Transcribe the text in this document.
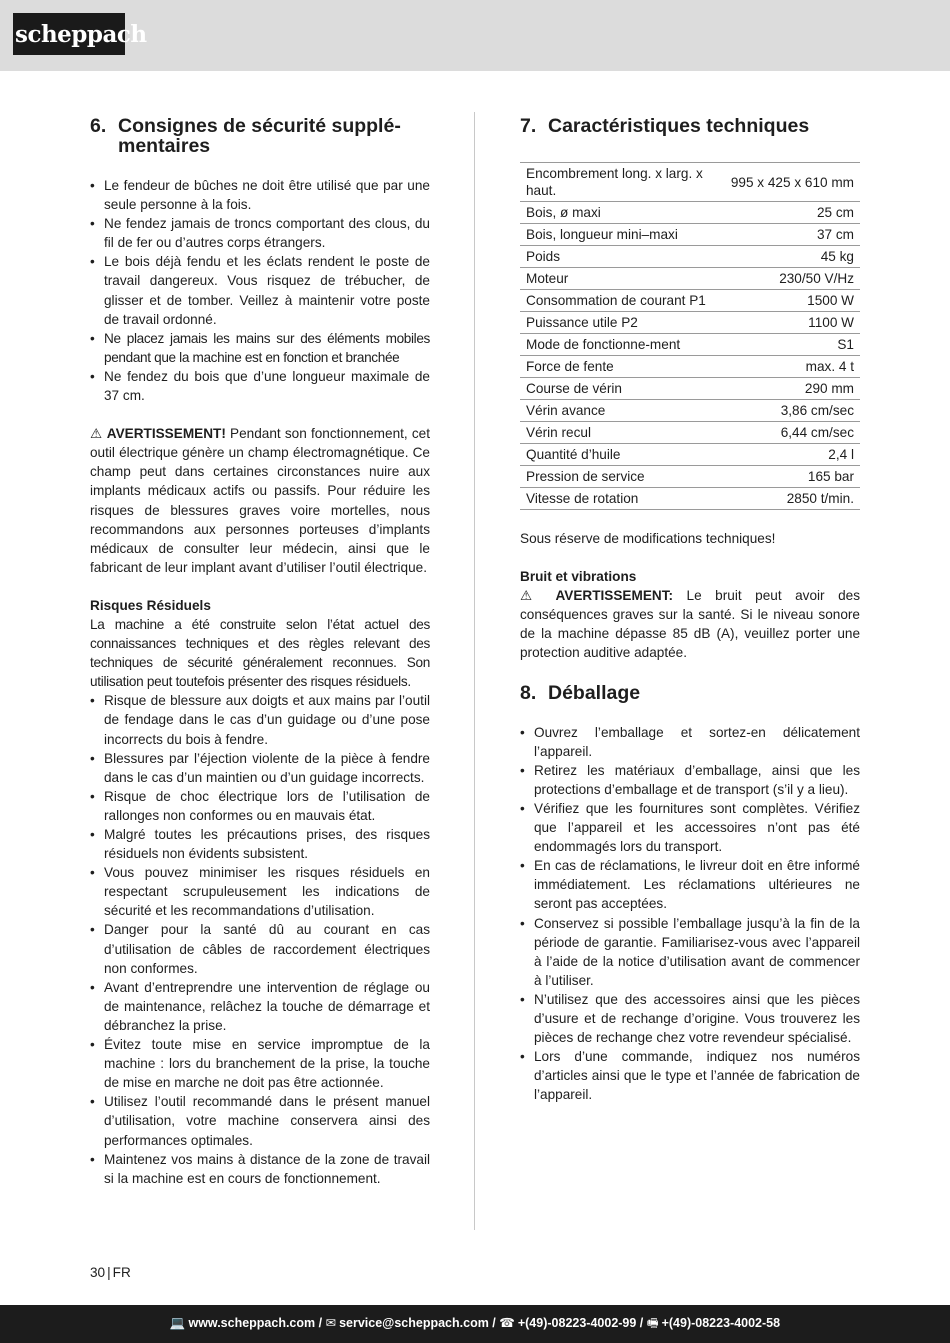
scheppach
6. Consignes de sécurité supplé-
mentaires
• Le fendeur de bûches ne doit être utilisé que par une seule personne à la fois.
• Ne fendez jamais de troncs comportant des clous, du fil de fer ou d’autres corps étrangers.
• Le bois déjà fendu et les éclats rendent le poste de travail dangereux. Vous risquez de trébucher, de glisser et de tomber. Veillez à maintenir votre poste de travail ordonné.
• Ne placez jamais les mains sur des éléments mobiles pendant que la machine est en fonction et branchée
• Ne fendez du bois que d’une longueur maximale de 37 cm.

⚠ AVERTISSEMENT! Pendant son fonctionnement, cet outil électrique génère un champ électromagnétique. Ce champ peut dans certaines circonstances nuire aux implants médicaux actifs ou passifs. Pour réduire les risques de blessures graves voire mortelles, nous recommandons aux personnes porteuses d’implants médicaux de consulter leur médecin, ainsi que le fabricant de leur implant avant d’utiliser l’outil électrique.

Risques Résiduels

La machine a été construite selon l’état actuel des connaissances techniques et des règles relevant des techniques de sécurité généralement reconnues. Son utilisation peut toutefois présenter des risques résiduels.

• Risque de blessure aux doigts et aux mains par l’outil de fendage dans le cas d’un guidage ou d’une pose incorrects du bois à fendre.
• Blessures par l’éjection violente de la pièce à fendre dans le cas d’un maintien ou d’un guidage incorrects.
• Risque de choc électrique lors de l’utilisation de rallonges non conformes ou en mauvais état.
• Malgré toutes les précautions prises, des risques résiduels non évidents subsistent.
• Vous pouvez minimiser les risques résiduels en respectant scrupuleusement les indications de sécurité et les recommandations d’utilisation.
• Danger pour la santé dû au courant en cas d’utilisation de câbles de raccordement électriques non conformes.
• Avant d’entreprendre une intervention de réglage ou de maintenance, relâchez la touche de démarrage et débranchez la prise.
• Évitez toute mise en service impromptue de la machine : lors du branchement de la prise, la touche de mise en marche ne doit pas être actionnée.
• Utilisez l’outil recommandé dans le présent manuel d’utilisation, votre machine conservera ainsi des performances optimales.
• Maintenez vos mains à distance de la zone de travail si la machine est en cours de fonctionnement.
7. Caractéristiques techniques
Encombrement long. x larg. x haut.	995 x 425 x 610 mm
Bois, ø maxi	25 cm
Bois, longueur mini–maxi	37 cm
Poids	45 kg
Moteur	230/50 V/Hz
Consommation de courant P1	1500 W
Puissance utile P2	1100 W
Mode de fonctionne-ment	S1
Force de fente	max. 4 t
Course de vérin	290 mm
Vérin avance	3,86 cm/sec
Vérin recul	6,44 cm/sec
Quantité d’huile	2,4 l
Pression de service	165 bar
Vitesse de rotation	2850 t/min.

Sous réserve de modifications techniques!

Bruit et vibrations

⚠ AVERTISSEMENT: Le bruit peut avoir des conséquences graves sur la santé. Si le niveau sonore de la machine dépasse 85 dB (A), veuillez porter une protection auditive adaptée.

8. Déballage
• Ouvrez l’emballage et sortez-en délicatement l’appareil.
• Retirez les matériaux d’emballage, ainsi que les protections d’emballage et de transport (s’il y a lieu).
• Vérifiez que les fournitures sont complètes. Vérifiez que l’appareil et les accessoires n’ont pas été endommagés lors du transport.
• En cas de réclamations, le livreur doit en être informé immédiatement. Les réclamations ultérieures ne seront pas acceptées.
• Conservez si possible l’emballage jusqu’à la fin de la période de garantie. Familiarisez-vous avec l’appareil à l’aide de la notice d’utilisation avant de commencer à l’utiliser.
• N’utilisez que des accessoires ainsi que les pièces d’usure et de rechange d’origine. Vous trouverez les pièces de rechange chez votre revendeur spécialisé.
• Lors d’une commande, indiquez nos numéros d’articles ainsi que le type et l’année de fabrication de l’appareil.
30 | FR
💻 www.scheppach.com / ✉ service@scheppach.com / ☎ +(49)-08223-4002-99 / 🖷 +(49)-08223-4002-58
